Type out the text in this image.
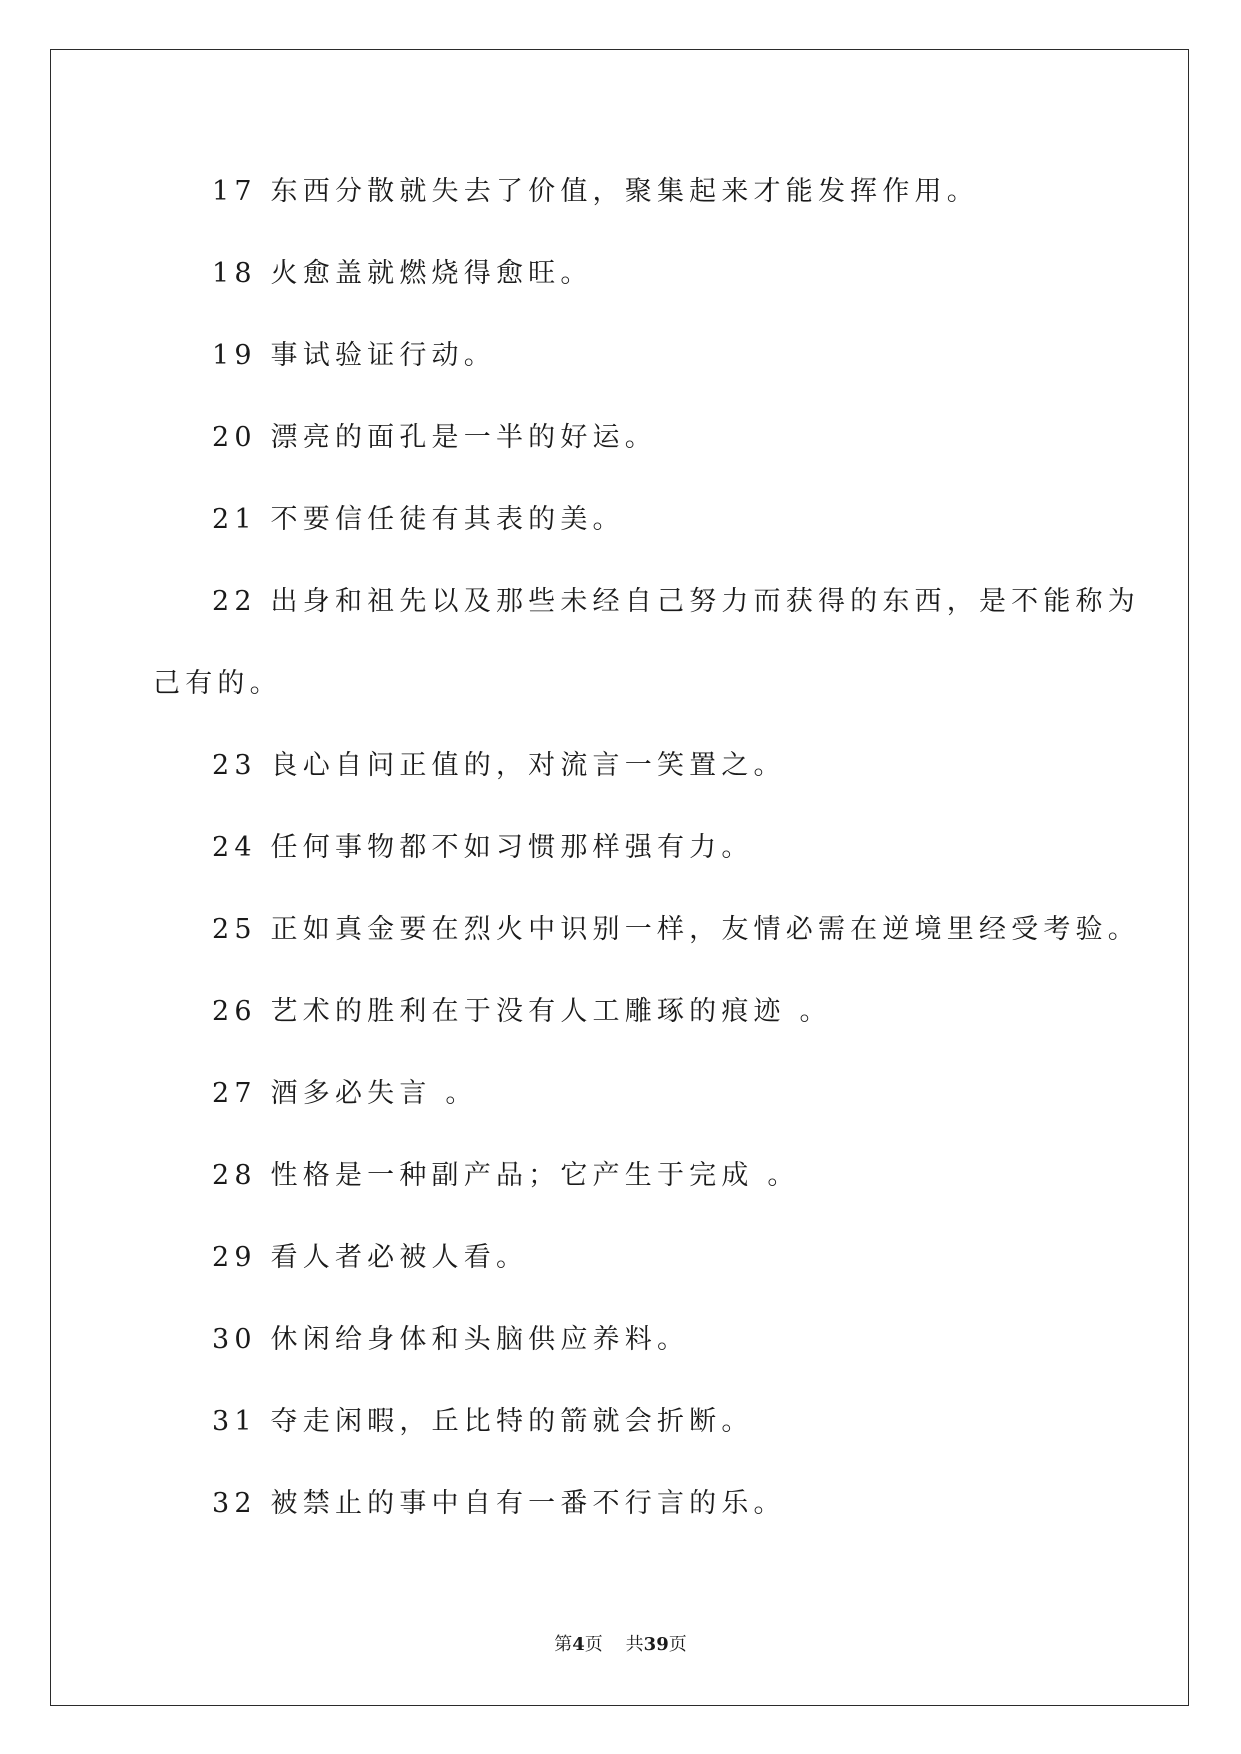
17 东西分散就失去了价值，聚集起来才能发挥作用。
18 火愈盖就燃烧得愈旺。
19 事试验证行动。
20 漂亮的面孔是一半的好运。
21 不要信任徒有其表的美。
22 出身和祖先以及那些未经自己努力而获得的东西，是不能称为
己有的。
23 良心自问正值的，对流言一笑置之。
24 任何事物都不如习惯那样强有力。
25 正如真金要在烈火中识别一样，友情必需在逆境里经受考验。
26 艺术的胜利在于没有人工雕琢的痕迹 。
27 酒多必失言 。
28 性格是一种副产品；它产生于完成 。
29 看人者必被人看。
30 休闲给身体和头脑供应养料。
31 夺走闲暇，丘比特的箭就会折断。
32 被禁止的事中自有一番不行言的乐。
第4页    共39页
